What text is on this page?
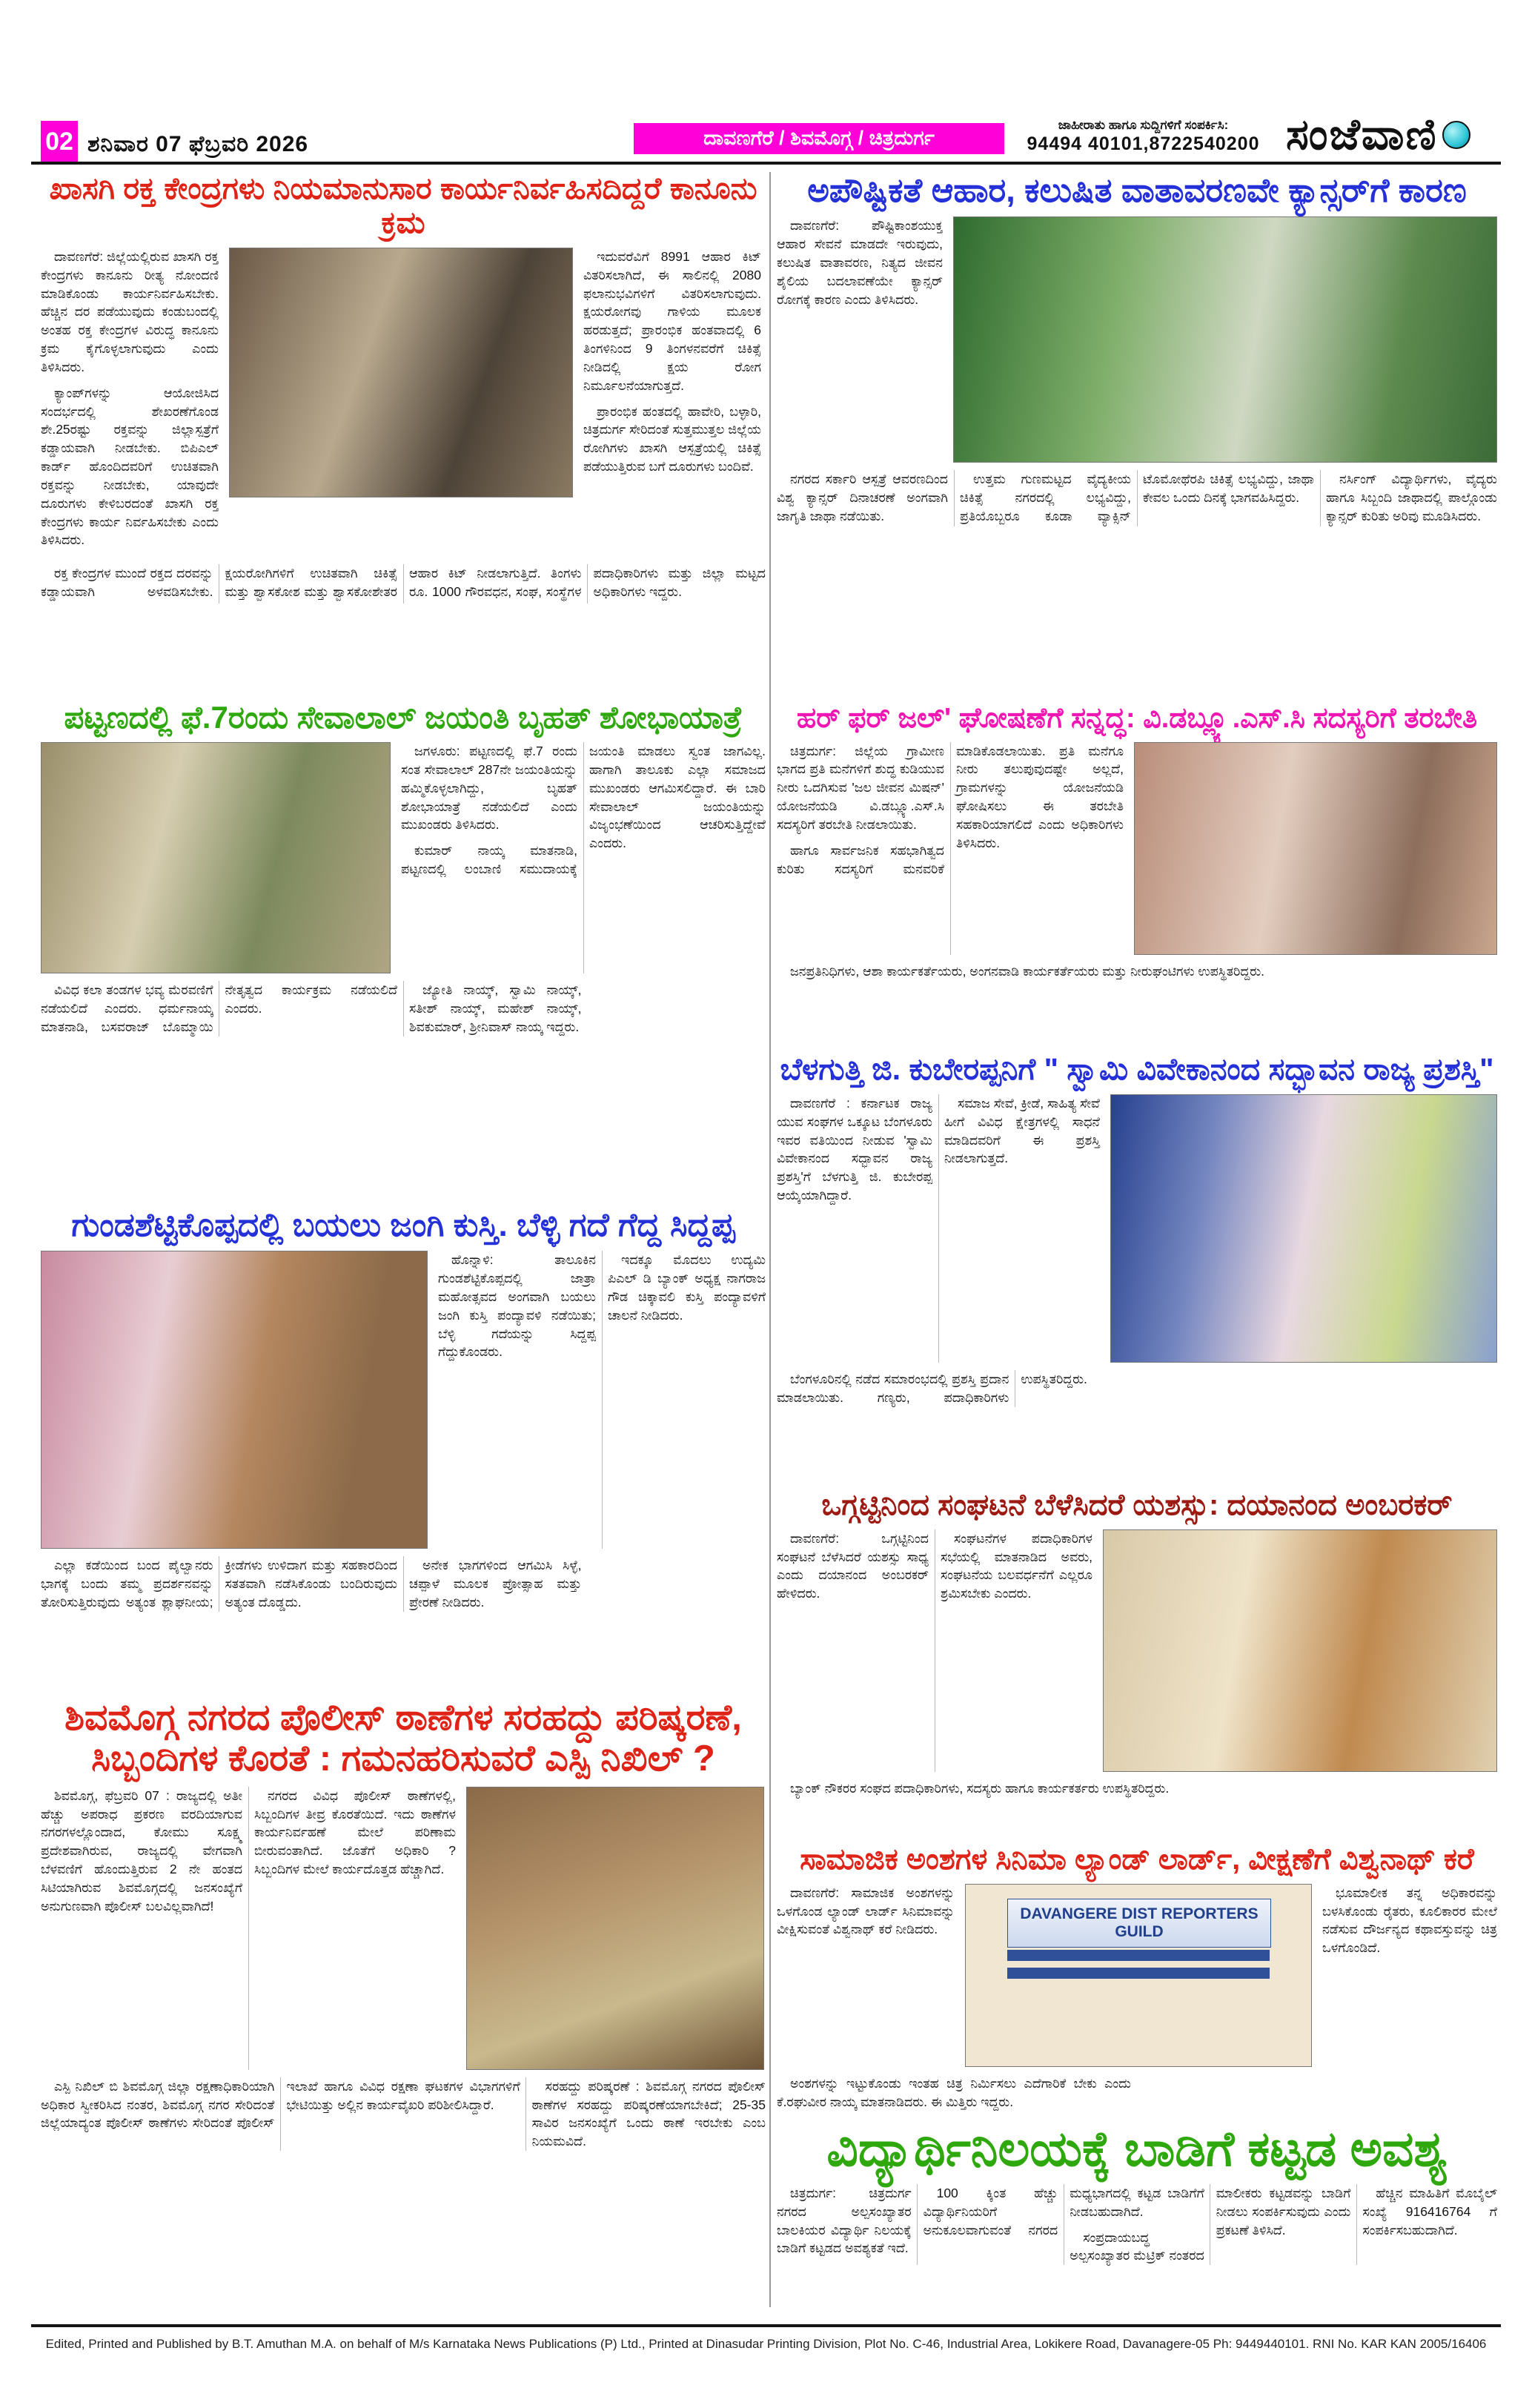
02 ಶನಿವಾರ 07 ಫೆಬ್ರವರಿ 2026	ದಾವಣಗೆರೆ / ಶಿವಮೊಗ್ಗ / ಚಿತ್ರದುರ್ಗ
ಜಾಹೀರಾತು ಹಾಗೂ ಸುದ್ದಿಗಳಿಗೆ ಸಂಪರ್ಕಿಸಿ:
94494 40101,8722540200 ಸಂಜೆವಾಣಿ
ಖಾಸಗಿ ರಕ್ತ ಕೇಂದ್ರಗಳು ನಿಯಮಾನುಸಾರ ಕಾರ್ಯನಿರ್ವಹಿಸದಿದ್ದರೆ ಕಾನೂನು ಕ್ರಮ

ದಾವಣಗೆರೆ: ಜಿಲ್ಲೆಯಲ್ಲಿರುವ ಖಾಸಗಿ ರಕ್ತ ಕೇಂದ್ರಗಳು ಕಾನೂನು ರೀತ್ಯ ನೋಂದಣಿ ಮಾಡಿಕೊಂಡು ಕಾರ್ಯನಿರ್ವಹಿಸಬೇಕು. ಹೆಚ್ಚಿನ ದರ ಪಡೆಯುವುದು ಕಂಡುಬಂದಲ್ಲಿ ಅಂತಹ ರಕ್ತ ಕೇಂದ್ರಗಳ ವಿರುದ್ಧ ಕಾನೂನು ಕ್ರಮ ಕೈಗೊಳ್ಳಲಾಗುವುದು ಎಂದು ತಿಳಿಸಿದರು.

ಕ್ಯಾಂಪ್‌ಗಳನ್ನು ಆಯೋಜಿಸಿದ ಸಂದರ್ಭದಲ್ಲಿ ಶೇಖರಣೆಗೊಂಡ ಶೇ.25ರಷ್ಟು ರಕ್ತವನ್ನು ಜಿಲ್ಲಾಸ್ಪತ್ರೆಗೆ ಕಡ್ಡಾಯವಾಗಿ ನೀಡಬೇಕು. ಬಿಪಿಎಲ್ ಕಾರ್ಡ್ ಹೊಂದಿದವರಿಗೆ ಉಚಿತವಾಗಿ ರಕ್ತವನ್ನು ನೀಡಬೇಕು, ಯಾವುದೇ ದೂರುಗಳು ಕೇಳಿಬರದಂತೆ ಖಾಸಗಿ ರಕ್ತ ಕೇಂದ್ರಗಳು ಕಾರ್ಯ ನಿರ್ವಹಿಸಬೇಕು ಎಂದು ತಿಳಿಸಿದರು.

ಇದುವರೆವಿಗೆ 8991 ಆಹಾರ ಕಿಟ್ ವಿತರಿಸಲಾಗಿದೆ, ಈ ಸಾಲಿನಲ್ಲಿ 2080 ಫಲಾನುಭವಿಗಳಿಗೆ ವಿತರಿಸಲಾಗುವುದು. ಕ್ಷಯರೋಗವು ಗಾಳಿಯ ಮೂಲಕ ಹರಡುತ್ತದೆ; ಪ್ರಾರಂಭಿಕ ಹಂತವಾದಲ್ಲಿ 6 ತಿಂಗಳಿನಿಂದ 9 ತಿಂಗಳನವರೆಗೆ ಚಿಕಿತ್ಸೆ ನೀಡಿದಲ್ಲಿ ಕ್ಷಯ ರೋಗ ನಿರ್ಮೂಲನೆಯಾಗುತ್ತದೆ.

ಪ್ರಾರಂಭಿಕ ಹಂತದಲ್ಲಿ ಹಾವೇರಿ, ಬಳ್ಳಾರಿ, ಚಿತ್ರದುರ್ಗ ಸೇರಿದಂತೆ ಸುತ್ತಮುತ್ತಲ ಜಿಲ್ಲೆಯ ರೋಗಿಗಳು ಖಾಸಗಿ ಆಸ್ಪತ್ರೆಯಲ್ಲಿ ಚಿಕಿತ್ಸೆ ಪಡೆಯುತ್ತಿರುವ ಬಗೆ ದೂರುಗಳು ಬಂದಿವೆ.

ರಕ್ತ ಕೇಂದ್ರಗಳ ಮುಂದೆ ರಕ್ತದ ದರವನ್ನು ಕಡ್ಡಾಯವಾಗಿ ಅಳವಡಿಸಬೇಕು. ಕ್ಷಯರೋಗಿಗಳಿಗೆ ಉಚಿತವಾಗಿ ಚಿಕಿತ್ಸೆ ಮತ್ತು ಶ್ವಾಸಕೋಶ ಮತ್ತು ಶ್ವಾಸಕೋಶೇತರ ಆಹಾರ ಕಿಟ್ ನೀಡಲಾಗುತ್ತಿದೆ. ತಿಂಗಳು ರೂ. 1000 ಗೌರವಧನ, ಸಂಘ, ಸಂಸ್ಥೆಗಳ ಪದಾಧಿಕಾರಿಗಳು ಮತ್ತು ಜಿಲ್ಲಾ ಮಟ್ಟದ ಅಧಿಕಾರಿಗಳು ಇದ್ದರು.

ಪಟ್ಟಣದಲ್ಲಿ ಫೆ.7ರಂದು ಸೇವಾಲಾಲ್ ಜಯಂತಿ ಬೃಹತ್ ಶೋಭಾಯಾತ್ರೆ

ಜಗಳೂರು: ಪಟ್ಟಣದಲ್ಲಿ ಫೆ.7 ರಂದು ಸಂತ ಸೇವಾಲಾಲ್ 287ನೇ ಜಯಂತಿಯನ್ನು ಹಮ್ಮಿಕೊಳ್ಳಲಾಗಿದ್ದು, ಬೃಹತ್ ಶೋಭಾಯಾತ್ರೆ ನಡೆಯಲಿದೆ ಎಂದು ಮುಖಂಡರು ತಿಳಿಸಿದರು.

ಕುಮಾರ್ ನಾಯ್ಕ ಮಾತನಾಡಿ, ಪಟ್ಟಣದಲ್ಲಿ ಲಂಬಾಣಿ ಸಮುದಾಯಕ್ಕೆ ಜಯಂತಿ ಮಾಡಲು ಸ್ವಂತ ಜಾಗವಿಲ್ಲ. ಹಾಗಾಗಿ ತಾಲೂಕು ಎಲ್ಲಾ ಸಮಾಜದ ಮುಖಂಡರು ಆಗಮಿಸಲಿದ್ದಾರೆ. ಈ ಬಾರಿ ಸೇವಾಲಾಲ್ ಜಯಂತಿಯನ್ನು ವಿಜೃಂಭಣೆಯಿಂದ ಆಚರಿಸುತ್ತಿದ್ದೇವೆ ಎಂದರು.

ವಿವಿಧ ಕಲಾ ತಂಡಗಳ ಭವ್ಯ ಮೆರವಣಿಗೆ ನಡೆಯಲಿದೆ ಎಂದರು. ಧರ್ಮನಾಯ್ಕ ಮಾತನಾಡಿ, ಬಸವರಾಜ್ ಬೊಮ್ಮಾಯಿ ನೇತೃತ್ವದ ಕಾರ್ಯಕ್ರಮ ನಡೆಯಲಿದೆ ಎಂದರು.

ಜ್ಯೋತಿ ನಾಯ್ಕ್, ಸ್ವಾಮಿ ನಾಯ್ಕ್, ಸತೀಶ್ ನಾಯ್ಕ್, ಮಹೇಶ್ ನಾಯ್ಕ್, ಶಿವಕುಮಾರ್, ಶ್ರೀನಿವಾಸ್ ನಾಯ್ಕ ಇದ್ದರು.

ಗುಂಡಶೆಟ್ಟಿಕೊಪ್ಪದಲ್ಲಿ ಬಯಲು ಜಂಗಿ ಕುಸ್ತಿ. ಬೆಳ್ಳಿ ಗದೆ ಗೆದ್ದ ಸಿದ್ದಪ್ಪ

ಹೊನ್ನಾಳಿ: ತಾಲೂಕಿನ ಗುಂಡಶೆಟ್ಟಿಕೊಪ್ಪದಲ್ಲಿ ಜಾತ್ರಾ ಮಹೋತ್ಸವದ ಅಂಗವಾಗಿ ಬಯಲು ಜಂಗಿ ಕುಸ್ತಿ ಪಂದ್ಯಾವಳಿ ನಡೆಯಿತು; ಬೆಳ್ಳಿ ಗದೆಯನ್ನು ಸಿದ್ದಪ್ಪ ಗೆದ್ದುಕೊಂಡರು.

ಇದಕ್ಕೂ ಮೊದಲು ಉದ್ಯಮಿ ಪಿಎಲ್ ಡಿ ಬ್ಯಾಂಕ್ ಅಧ್ಯಕ್ಷ ನಾಗರಾಜ ಗೌಡ ಚಿಕ್ಕಾವಲಿ ಕುಸ್ತಿ ಪಂದ್ಯಾವಳಿಗೆ ಚಾಲನೆ ನೀಡಿದರು.

ಎಲ್ಲಾ ಕಡೆಯಿಂದ ಬಂದ ಪೈಲ್ವಾನರು ಭಾಗಕ್ಕೆ ಬಂದು ತಮ್ಮ ಪ್ರದರ್ಶನವನ್ನು ತೋರಿಸುತ್ತಿರುವುದು ಅತ್ಯಂತ ಶ್ಲಾಘನೀಯ; ಕ್ರೀಡೆಗಳು ಉಳಿದಾಗ ಮತ್ತು ಸಹಕಾರದಿಂದ ಸತತವಾಗಿ ನಡೆಸಿಕೊಂಡು ಬಂದಿರುವುದು ಅತ್ಯಂತ ದೊಡ್ಡದು.

ಅನೇಕ ಭಾಗಗಳಿಂದ ಆಗಮಿಸಿ ಸಿಳ್ಳೆ, ಚಪ್ಪಾಳೆ ಮೂಲಕ ಪ್ರೋತ್ಸಾಹ ಮತ್ತು ಪ್ರೇರಣೆ ನೀಡಿದರು.

ಶಿವಮೊಗ್ಗ ನಗರದ ಪೊಲೀಸ್ ಠಾಣೆಗಳ ಸರಹದ್ದು ಪರಿಷ್ಕರಣೆ, ಸಿಬ್ಬಂದಿಗಳ ಕೊರತೆ : ಗಮನಹರಿಸುವರೆ ಎಸ್ಪಿ ನಿಖಿಲ್ ?

ಶಿವಮೊಗ್ಗ, ಫೆಬ್ರವರಿ 07 : ರಾಜ್ಯದಲ್ಲಿ ಅತೀ ಹೆಚ್ಚು ಅಪರಾಧ ಪ್ರಕರಣ ವರದಿಯಾಗುವ ನಗರಗಳಲ್ಲೊಂದಾದ, ಕೋಮು ಸೂಕ್ಷ್ಮ ಪ್ರದೇಶವಾಗಿರುವ, ರಾಜ್ಯದಲ್ಲಿ ವೇಗವಾಗಿ ಬೆಳವಣಿಗೆ ಹೊಂದುತ್ತಿರುವ 2 ನೇ ಹಂತದ ಸಿಟಿಯಾಗಿರುವ ಶಿವಮೊಗ್ಗದಲ್ಲಿ ಜನಸಂಖ್ಯೆಗೆ ಅನುಗುಣವಾಗಿ ಪೊಲೀಸ್ ಬಲವಿಲ್ಲವಾಗಿದೆ!

ನಗರದ ವಿವಿಧ ಪೊಲೀಸ್ ಠಾಣೆಗಳಲ್ಲಿ, ಸಿಬ್ಬಂದಿಗಳ ತೀವ್ರ ಕೊರತೆಯಿದೆ. ಇದು ಠಾಣೆಗಳ ಕಾರ್ಯನಿರ್ವಹಣೆ ಮೇಲೆ ಪರಿಣಾಮ ಬೀರುವಂತಾಗಿದೆ. ಜೊತೆಗೆ ಅಧಿಕಾರಿ ? ಸಿಬ್ಬಂದಿಗಳ ಮೇಲೆ ಕಾರ್ಯದೊತ್ತಡ ಹೆಚ್ಚಾಗಿದೆ.

ಎಸ್ಪಿ ನಿಖಿಲ್ ಬಿ ಶಿವಮೊಗ್ಗ ಜಿಲ್ಲಾ ರಕ್ಷಣಾಧಿಕಾರಿಯಾಗಿ ಅಧಿಕಾರ ಸ್ವೀಕರಿಸಿದ ನಂತರ, ಶಿವಮೊಗ್ಗ ನಗರ ಸೇರಿದಂತೆ ಜಿಲ್ಲೆಯಾದ್ಯಂತ ಪೊಲೀಸ್ ಠಾಣೆಗಳು ಸೇರಿದಂತೆ ಪೊಲೀಸ್ ಇಲಾಖೆ ಹಾಗೂ ವಿವಿಧ ರಕ್ಷಣಾ ಘಟಕಗಳ ವಿಭಾಗಗಳಿಗೆ ಭೇಟಿಯಿತ್ತು ಅಲ್ಲಿನ ಕಾರ್ಯವೈಖರಿ ಪರಿಶೀಲಿಸಿದ್ದಾರೆ.

ಸರಹದ್ದು ಪರಿಷ್ಕರಣೆ : ಶಿವಮೊಗ್ಗ ನಗರದ ಪೊಲೀಸ್ ಠಾಣೆಗಳ ಸರಹದ್ದು ಪರಿಷ್ಕರಣೆಯಾಗಬೇಕಿದೆ; 25-35 ಸಾವಿರ ಜನಸಂಖ್ಯೆಗೆ ಒಂದು ಠಾಣೆ ಇರಬೇಕು ಎಂಬ ನಿಯಮವಿದೆ.

ಅಪೌಷ್ಟಿಕತೆ ಆಹಾರ, ಕಲುಷಿತ ವಾತಾವರಣವೇ ಕ್ಯಾನ್ಸರ್‌ಗೆ ಕಾರಣ

ದಾವಣಗೆರೆ: ಪೌಷ್ಟಿಕಾಂಶಯುಕ್ತ ಆಹಾರ ಸೇವನೆ ಮಾಡದೇ ಇರುವುದು, ಕಲುಷಿತ ವಾತಾವರಣ, ನಿತ್ಯದ ಜೀವನ ಶೈಲಿಯ ಬದಲಾವಣೆಯೇ ಕ್ಯಾನ್ಸರ್ ರೋಗಕ್ಕೆ ಕಾರಣ ಎಂದು ತಿಳಿಸಿದರು.

ನಗರದ ಸರ್ಕಾರಿ ಆಸ್ಪತ್ರೆ ಆವರಣದಿಂದ ವಿಶ್ವ ಕ್ಯಾನ್ಸರ್ ದಿನಾಚರಣೆ ಅಂಗವಾಗಿ ಜಾಗೃತಿ ಜಾಥಾ ನಡೆಯಿತು.

ಉತ್ತಮ ಗುಣಮಟ್ಟದ ವೈದ್ಯಕೀಯ ಚಿಕಿತ್ಸೆ ನಗರದಲ್ಲಿ ಲಭ್ಯವಿದ್ದು, ಪ್ರತಿಯೊಬ್ಬರೂ ಕೂಡಾ ವ್ಯಾಕ್ಸಿನ್ ಟೊಮೋಥೆರಪಿ ಚಿಕಿತ್ಸೆ ಲಭ್ಯವಿದ್ದು, ಜಾಥಾ ಕೇವಲ ಒಂದು ದಿನಕ್ಕೆ ಭಾಗವಹಿಸಿದ್ದರು.

ನರ್ಸಿಂಗ್ ವಿದ್ಯಾರ್ಥಿಗಳು, ವೈದ್ಯರು ಹಾಗೂ ಸಿಬ್ಬಂದಿ ಜಾಥಾದಲ್ಲಿ ಪಾಲ್ಗೊಂಡು ಕ್ಯಾನ್ಸರ್ ಕುರಿತು ಅರಿವು ಮೂಡಿಸಿದರು.

ಹರ್ ಫರ್ ಜಲ್' ಘೋಷಣೆಗೆ ಸನ್ನದ್ಧ: ವಿ.ಡಬ್ಲ್ಯೂ.ಎಸ್.ಸಿ ಸದಸ್ಯರಿಗೆ ತರಬೇತಿ

ಚಿತ್ರದುರ್ಗ: ಜಿಲ್ಲೆಯ ಗ್ರಾಮೀಣ ಭಾಗದ ಪ್ರತಿ ಮನೆಗಳಿಗೆ ಶುದ್ಧ ಕುಡಿಯುವ ನೀರು ಒದಗಿಸುವ 'ಜಲ ಜೀವನ ಮಿಷನ್' ಯೋಜನೆಯಡಿ ವಿ.ಡಬ್ಲ್ಯೂ.ಎಸ್.ಸಿ ಸದಸ್ಯರಿಗೆ ತರಬೇತಿ ನೀಡಲಾಯಿತು.

ಹಾಗೂ ಸಾರ್ವಜನಿಕ ಸಹಭಾಗಿತ್ವದ ಕುರಿತು ಸದಸ್ಯರಿಗೆ ಮನವರಿಕೆ ಮಾಡಿಕೊಡಲಾಯಿತು. ಪ್ರತಿ ಮನೆಗೂ ನೀರು ತಲುಪುವುದಷ್ಟೇ ಅಲ್ಲದೆ, ಗ್ರಾಮಗಳನ್ನು ಯೋಜನೆಯಡಿ ಘೋಷಿಸಲು ಈ ತರಬೇತಿ ಸಹಕಾರಿಯಾಗಲಿದೆ ಎಂದು ಅಧಿಕಾರಿಗಳು ತಿಳಿಸಿದರು.

ಜನಪ್ರತಿನಿಧಿಗಳು, ಆಶಾ ಕಾರ್ಯಕರ್ತೆಯರು, ಅಂಗನವಾಡಿ ಕಾರ್ಯಕರ್ತೆಯರು ಮತ್ತು ನೀರುಘಂಟಿಗಳು ಉಪಸ್ಥಿತರಿದ್ದರು.

ಬೆಳಗುತ್ತಿ ಜಿ. ಕುಬೇರಪ್ಪನಿಗೆ " ಸ್ವಾಮಿ ವಿವೇಕಾನಂದ ಸದ್ಭಾವನ ರಾಜ್ಯ ಪ್ರಶಸ್ತಿ"

ದಾವಣಗೆರೆ : ಕರ್ನಾಟಕ ರಾಜ್ಯ ಯುವ ಸಂಘಗಳ ಒಕ್ಕೂಟ ಬೆಂಗಳೂರು ಇವರ ವತಿಯಿಂದ ನೀಡುವ 'ಸ್ವಾಮಿ ವಿವೇಕಾನಂದ ಸದ್ಭಾವನ ರಾಜ್ಯ ಪ್ರಶಸ್ತಿ'ಗೆ ಬೆಳಗುತ್ತಿ ಜಿ. ಕುಬೇರಪ್ಪ ಆಯ್ಕೆಯಾಗಿದ್ದಾರೆ.

ಸಮಾಜ ಸೇವೆ, ಕ್ರೀಡೆ, ಸಾಹಿತ್ಯ ಸೇವೆ ಹೀಗೆ ವಿವಿಧ ಕ್ಷೇತ್ರಗಳಲ್ಲಿ ಸಾಧನೆ ಮಾಡಿದವರಿಗೆ ಈ ಪ್ರಶಸ್ತಿ ನೀಡಲಾಗುತ್ತದೆ.

ಬೆಂಗಳೂರಿನಲ್ಲಿ ನಡೆದ ಸಮಾರಂಭದಲ್ಲಿ ಪ್ರಶಸ್ತಿ ಪ್ರದಾನ ಮಾಡಲಾಯಿತು. ಗಣ್ಯರು, ಪದಾಧಿಕಾರಿಗಳು ಉಪಸ್ಥಿತರಿದ್ದರು.

ಒಗ್ಗಟ್ಟಿನಿಂದ ಸಂಘಟನೆ ಬೆಳೆಸಿದರೆ ಯಶಸ್ಸು: ದಯಾನಂದ ಅಂಬರಕರ್

ದಾವಣಗೆರೆ: ಒಗ್ಗಟ್ಟಿನಿಂದ ಸಂಘಟನೆ ಬೆಳೆಸಿದರೆ ಯಶಸ್ಸು ಸಾಧ್ಯ ಎಂದು ದಯಾನಂದ ಅಂಬರಕರ್ ಹೇಳಿದರು.

ಸಂಘಟನೆಗಳ ಪದಾಧಿಕಾರಿಗಳ ಸಭೆಯಲ್ಲಿ ಮಾತನಾಡಿದ ಅವರು, ಸಂಘಟನೆಯ ಬಲವರ್ಧನೆಗೆ ಎಲ್ಲರೂ ಶ್ರಮಿಸಬೇಕು ಎಂದರು.

ಬ್ಯಾಂಕ್ ನೌಕರರ ಸಂಘದ ಪದಾಧಿಕಾರಿಗಳು, ಸದಸ್ಯರು ಹಾಗೂ ಕಾರ್ಯಕರ್ತರು ಉಪಸ್ಥಿತರಿದ್ದರು.

ಸಾಮಾಜಿಕ ಅಂಶಗಳ ಸಿನಿಮಾ ಲ್ಯಾಂಡ್ ಲಾರ್ಡ್, ವೀಕ್ಷಣೆಗೆ ವಿಶ್ವನಾಥ್ ಕರೆ

ದಾವಣಗೆರೆ: ಸಾಮಾಜಿಕ ಅಂಶಗಳನ್ನು ಒಳಗೊಂಡ ಲ್ಯಾಂಡ್ ಲಾರ್ಡ್ ಸಿನಿಮಾವನ್ನು ವೀಕ್ಷಿಸುವಂತೆ ವಿಶ್ವನಾಥ್ ಕರೆ ನೀಡಿದರು.

DAVANGERE DIST REPORTERS GUILD

ಭೂಮಾಲೀಕ ತನ್ನ ಅಧಿಕಾರವನ್ನು ಬಳಸಿಕೊಂಡು ರೈತರು, ಕೂಲಿಕಾರರ ಮೇಲೆ ನಡೆಸುವ ದೌರ್ಜನ್ಯದ ಕಥಾವಸ್ತುವನ್ನು ಚಿತ್ರ ಒಳಗೊಂಡಿದೆ.

ಅಂಶಗಳನ್ನು ಇಟ್ಟುಕೊಂಡು ಇಂತಹ ಚಿತ್ರ ನಿರ್ಮಿಸಲು ಎದೆಗಾರಿಕೆ ಬೇಕು ಎಂದು ಕೆ.ರಘುವೀರ ನಾಯ್ಕ ಮಾತನಾಡಿದರು. ಈ ಮಿತ್ತಿರು ಇದ್ದರು.

ವಿದ್ಯಾರ್ಥಿನಿಲಯಕ್ಕೆ ಬಾಡಿಗೆ ಕಟ್ಟಡ ಅವಶ್ಯ

ಚಿತ್ರದುರ್ಗ: ಚಿತ್ರದುರ್ಗ ನಗರದ ಅಲ್ಪಸಂಖ್ಯಾತರ ಬಾಲಕಿಯರ ವಿದ್ಯಾರ್ಥಿ ನಿಲಯಕ್ಕೆ ಬಾಡಿಗೆ ಕಟ್ಟಡದ ಅವಶ್ಯಕತೆ ಇದೆ.

100 ಕ್ಕಿಂತ ಹೆಚ್ಚು ವಿದ್ಯಾರ್ಥಿನಿಯರಿಗೆ ಅನುಕೂಲವಾಗುವಂತೆ ನಗರದ ಮಧ್ಯಭಾಗದಲ್ಲಿ ಕಟ್ಟಡ ಬಾಡಿಗೆಗೆ ನೀಡಬಹುದಾಗಿದೆ.

ಸಂಪ್ರದಾಯಬದ್ಧ ಅಲ್ಪಸಂಖ್ಯಾತರ ಮೆಟ್ರಿಕ್ ನಂತರದ ಮಾಲೀಕರು ಕಟ್ಟಡವನ್ನು ಬಾಡಿಗೆ ನೀಡಲು ಸಂಪರ್ಕಿಸುವುದು ಎಂದು ಪ್ರಕಟಣೆ ತಿಳಿಸಿದೆ.

ಹೆಚ್ಚಿನ ಮಾಹಿತಿಗೆ ಮೊಬೈಲ್ ಸಂಖ್ಯೆ 916416764 ಗೆ ಸಂಪರ್ಕಿಸಬಹುದಾಗಿದೆ.

Edited, Printed and Published by B.T. Amuthan M.A. on behalf of M/s Karnataka News Publications (P) Ltd., Printed at Dinasudar Printing Division, Plot No. C-46, Industrial Area, Lokikere Road, Davanagere-05 Ph: 9449440101. RNI No. KAR KAN 2005/16406
